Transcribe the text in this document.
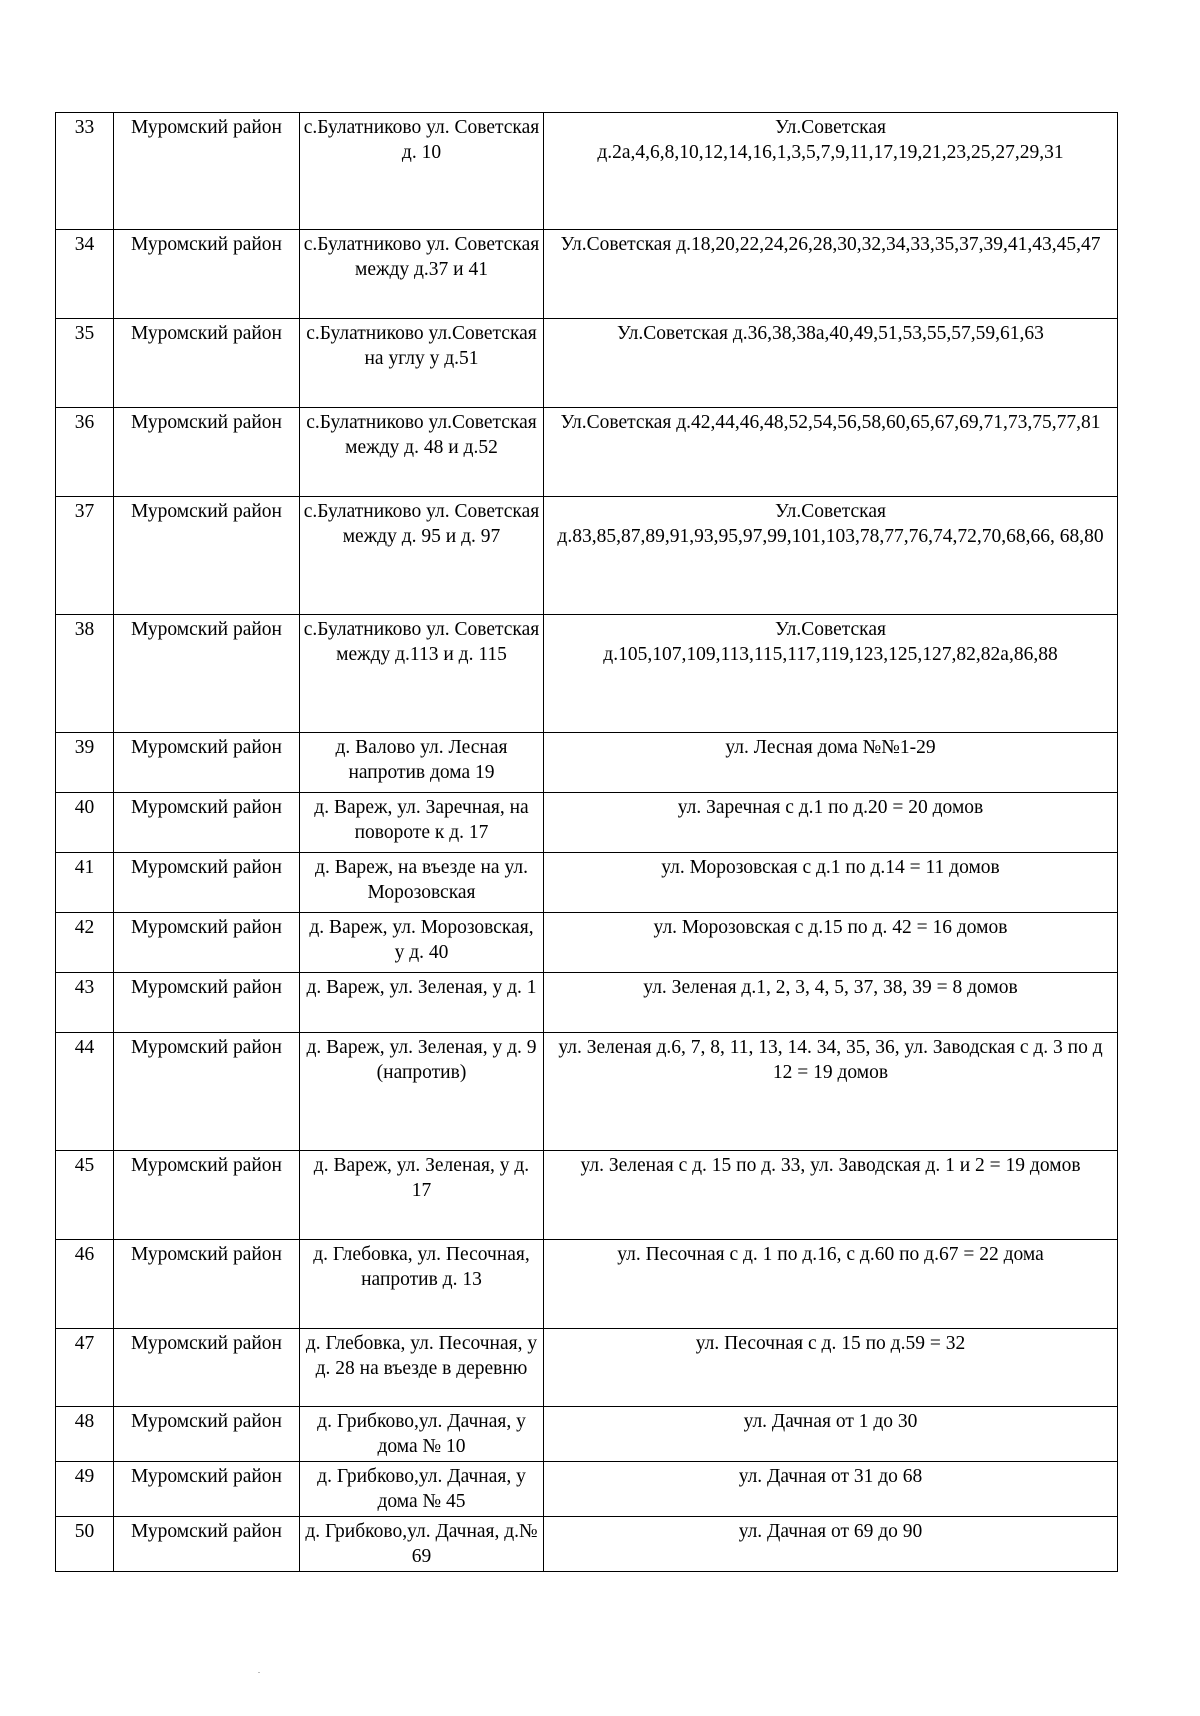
33	Муромский район	с.Булатниково ул. Советская д. 10	Ул.Советская д.2а,4,6,8,10,12,14,16,1,3,5,7,9,11,17,19,21,23,25,27,29,31
34	Муромский район	с.Булатниково ул. Советская между д.37 и 41	Ул.Советская д.18,20,22,24,26,28,30,32,34,33,35,37,39,41,43,45,47
35	Муромский район	с.Булатниково ул.Советская на углу у д.51	Ул.Советская д.36,38,38а,40,49,51,53,55,57,59,61,63
36	Муромский район	с.Булатниково ул.Советская между д. 48 и д.52	Ул.Советская д.42,44,46,48,52,54,56,58,60,65,67,69,71,73,75,77,81
37	Муромский район	с.Булатниково ул. Советская между д. 95 и д. 97	Ул.Советская д.83,85,87,89,91,93,95,97,99,101,103,78,77,76,74,72,70,68,66, 68,80
38	Муромский район	с.Булатниково ул. Советская между д.113 и д. 115	Ул.Советская д.105,107,109,113,115,117,119,123,125,127,82,82а,86,88
39	Муромский район	д. Валово ул. Лесная напротив дома 19	ул. Лесная дома №№1-29
40	Муромский район	д. Вареж, ул. Заречная, на повороте к д. 17	ул. Заречная с д.1 по д.20 = 20 домов
41	Муромский район	д. Вареж, на въезде на ул. Морозовская	ул. Морозовская с д.1 по д.14 = 11 домов
42	Муромский район	д. Вареж, ул. Морозовская, у д. 40	ул. Морозовская с д.15 по д. 42 = 16 домов
43	Муромский район	д. Вареж, ул. Зеленая, у д. 1	ул. Зеленая д.1, 2, 3, 4, 5, 37, 38, 39 = 8 домов
44	Муромский район	д. Вареж, ул. Зеленая, у д. 9 (напротив)	ул. Зеленая д.6, 7, 8, 11, 13, 14. 34, 35, 36, ул. Заводская с д. 3 по д 12 = 19 домов
45	Муромский район	д. Вареж, ул. Зеленая, у д. 17	ул. Зеленая с д. 15 по д. 33, ул. Заводская д. 1 и 2 = 19 домов
46	Муромский район	д. Глебовка, ул. Песочная, напротив д. 13	ул. Песочная с д. 1 по д.16, с д.60 по д.67 = 22 дома
47	Муромский район	д. Глебовка, ул. Песочная, у д. 28 на въезде в деревню	ул. Песочная с д. 15 по д.59 = 32
48	Муромский район	д. Грибково,ул. Дачная, у дома № 10	ул. Дачная от 1 до 30
49	Муромский район	д. Грибково,ул. Дачная, у дома № 45	ул. Дачная от 31 до 68
50	Муромский район	д. Грибково,ул. Дачная, д.№ 69	ул. Дачная от 69 до 90
